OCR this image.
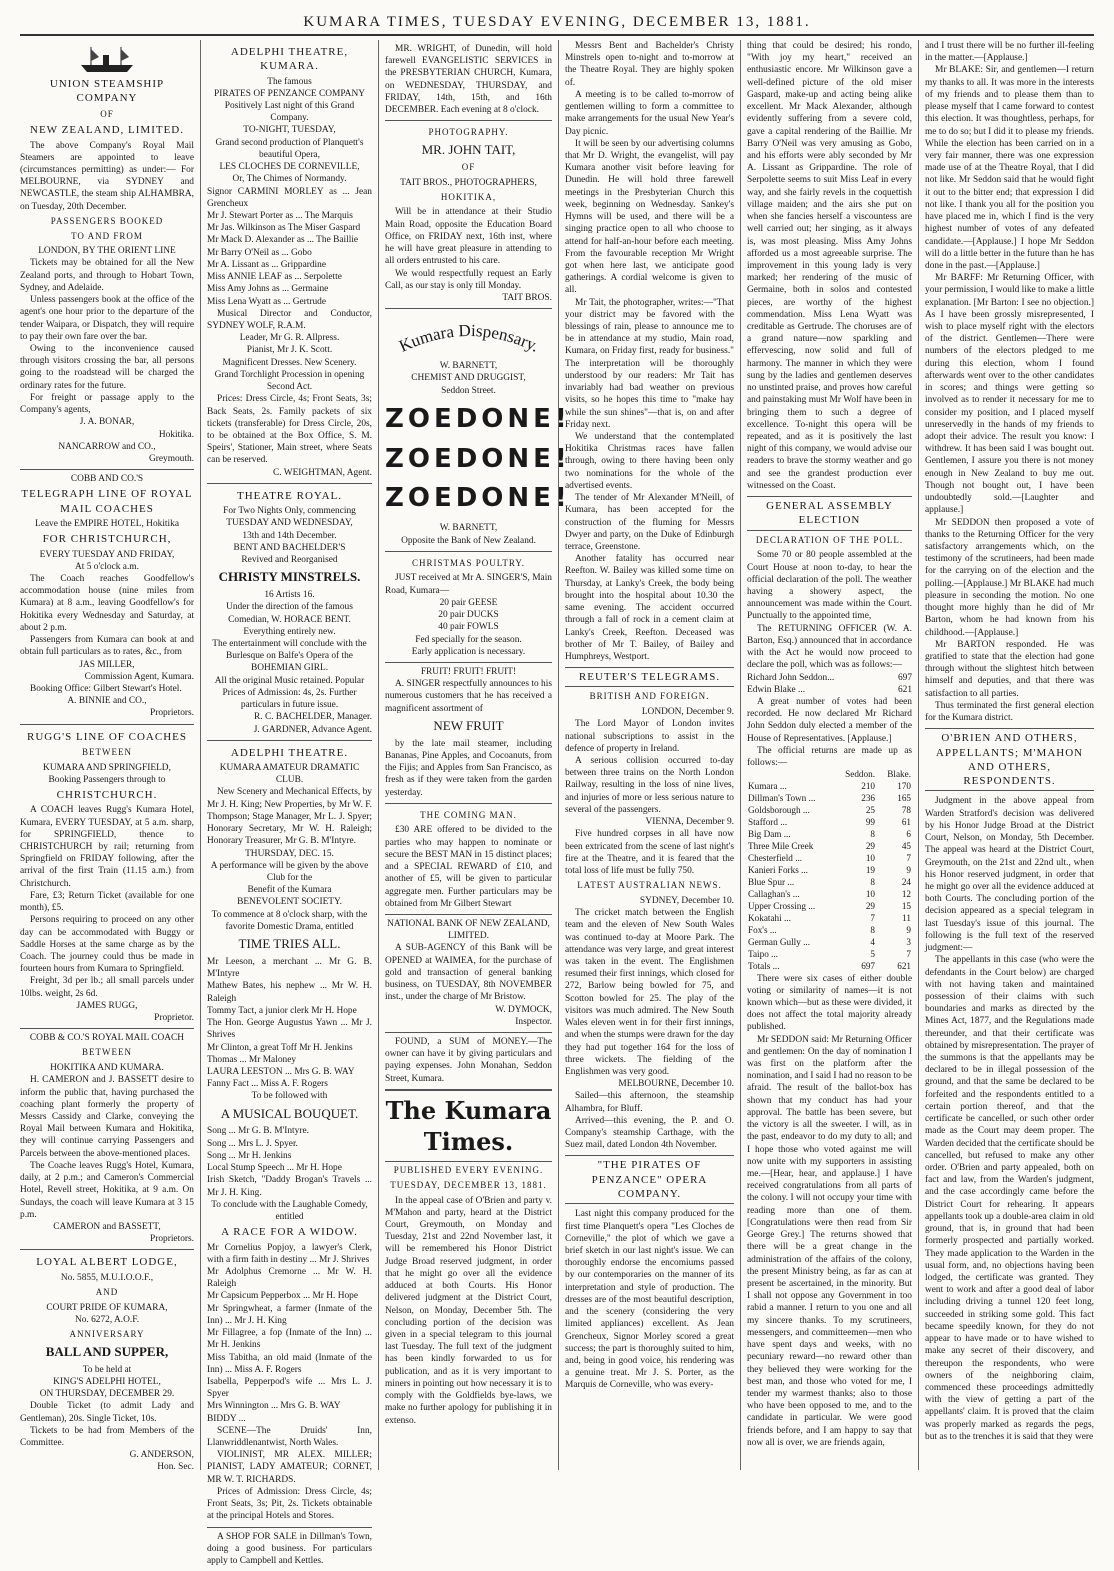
KUMARA TIMES, TUESDAY EVENING, DECEMBER 13, 1881.

UNION STEAMSHIP COMPANY

OF

NEW ZEALAND, LIMITED.

The above Company's Royal Mail Steamers are appointed to leave (circumstances permitting) as under:— For MELBOURNE, via SYDNEY and NEWCASTLE, the steam ship ALHAMBRA, on Tuesday, 20th December.

PASSENGERS BOOKED

TO AND FROM

LONDON, BY THE ORIENT LINE

Tickets may be obtained for all the New Zealand ports, and through to Hobart Town, Sydney, and Adelaide.

Unless passengers book at the office of the agent's one hour prior to the departure of the tender Waipara, or Dispatch, they will require to pay their own fare over the bar.

Owing to the inconvenience caused through visitors crossing the bar, all persons going to the roadstead will be charged the ordinary rates for the future.

For freight or passage apply to the Company's agents,

J. A. BONAR,

Hokitika.

NANCARROW and CO.,

Greymouth.

COBB AND CO.'S

TELEGRAPH LINE OF ROYAL MAIL COACHES

Leave the EMPIRE HOTEL, Hokitika

FOR CHRISTCHURCH,

EVERY TUESDAY AND FRIDAY,

At 5 o'clock a.m.

The Coach reaches Goodfellow's accommodation house (nine miles from Kumara) at 8 a.m., leaving Goodfellow's for Hokitika every Wednesday and Saturday, at about 2 p.m.

Passengers from Kumara can book at and obtain full particulars as to rates, &c., from

JAS MILLER,

Commission Agent, Kumara.

Booking Office: Gilbert Stewart's Hotel.

A. BINNIE and CO.,

Proprietors.

RUGG'S LINE OF COACHES

BETWEEN

KUMARA AND SPRINGFIELD,

Booking Passengers through to

CHRISTCHURCH.

A COACH leaves Rugg's Kumara Hotel, Kumara, EVERY TUESDAY, at 5 a.m. sharp, for SPRINGFIELD, thence to CHRISTCHURCH by rail; returning from Springfield on FRIDAY following, after the arrival of the first Train (11.15 a.m.) from Christchurch.

Fare, £3; Return Ticket (available for one month), £5.

Persons requiring to proceed on any other day can be accommodated with Buggy or Saddle Horses at the same charge as by the Coach. The journey could thus be made in fourteen hours from Kumara to Springfield.

Freight, 3d per lb.; all small parcels under 10lbs. weight, 2s 6d.

JAMES RUGG,

Proprietor.

COBB & CO.'S ROYAL MAIL COACH

BETWEEN

HOKITIKA AND KUMARA.

H. CAMERON and J. BASSETT desire to inform the public that, having purchased the coaching plant formerly the property of Messrs Cassidy and Clarke, conveying the Royal Mail between Kumara and Hokitika, they will continue carrying Passengers and Parcels between the above-mentioned places.

The Coache leaves Rugg's Hotel, Kumara, daily, at 2 p.m.; and Cameron's Commercial Hotel, Revell street, Hokitika, at 9 a.m. On Sundays, the coach will leave Kumara at 3 15 p.m.

CAMERON and BASSETT,

Proprietors.

LOYAL ALBERT LODGE,

No. 5855, M.U.I.O.O.F.,

AND

COURT PRIDE OF KUMARA,

No. 6272, A.O.F.

ANNIVERSARY

BALL AND SUPPER,

To be held at

KING'S ADELPHI HOTEL,

ON THURSDAY, DECEMBER 29.

Double Ticket (to admit Lady and Gentleman), 20s. Single Ticket, 10s.

Tickets to be had from Members of the Committee.

G. ANDERSON,

Hon. Sec.

ADELPHI THEATRE, KUMARA.

The famous

PIRATES OF PENZANCE COMPANY

Positively Last night of this Grand Company.

TO-NIGHT, TUESDAY,

Grand second production of Planquett's beautiful Opera,

LES CLOCHES DE CORNEVILLE,

Or, The Chimes of Normandy.

Signor CARMINI MORLEY as ... Jean Grencheux

Mr J. Stewart Porter as ... The Marquis

Mr Jas. Wilkinson as The Miser Gaspard

Mr Mack D. Alexander as ... The Baillie

Mr Barry O'Neil as ... Gobo

Mr A. Lissant as ... Grippardine

Miss ANNIE LEAF as ... Serpolette

Miss Amy Johns as ... Germaine

Miss Lena Wyatt as ... Gertrude

Musical Director and Conductor, SYDNEY WOLF, R.A.M.

Leader, Mr G. R. Allpress.

Pianist, Mr J. K. Scott.

Magnificent Dresses. New Scenery.

Grand Torchlight Procession in opening Second Act.

Prices: Dress Circle, 4s; Front Seats, 3s; Back Seats, 2s. Family packets of six tickets (transferable) for Dress Circle, 20s, to be obtained at the Box Office, S. M. Speirs', Stationer, Main street, where Seats can be reserved.

C. WEIGHTMAN, Agent.

THEATRE ROYAL.

For Two Nights Only, commencing

TUESDAY AND WEDNESDAY,

13th and 14th December.

BENT AND BACHELDER'S

Revived and Reorganised

CHRISTY MINSTRELS.

16 Artists 16.

Under the direction of the famous Comedian, W. HORACE BENT.

Everything entirely new.

The entertainment will conclude with the Burlesque on Balfe's Opera of the

BOHEMIAN GIRL.

All the original Music retained. Popular Prices of Admission: 4s, 2s. Further particulars in future issue.

R. C. BACHELDER, Manager.

J. GARDNER, Advance Agent.

ADELPHI THEATRE.

KUMARA AMATEUR DRAMATIC CLUB.

New Scenery and Mechanical Effects, by Mr J. H. King; New Properties, by Mr W. F. Thompson; Stage Manager, Mr L. J. Spyer; Honorary Secretary, Mr W. H. Raleigh; Honorary Treasurer, Mr G. B. M'Intyre.

THURSDAY, DEC. 15.

A performance will be given by the above Club for the

Benefit of the Kumara

BENEVOLENT SOCIETY.

To commence at 8 o'clock sharp, with the favorite Domestic Drama, entitled

TIME TRIES ALL.

Mr Leeson, a merchant ... Mr G. B. M'Intyre

Mathew Bates, his nephew ... Mr W. H. Raleigh

Tommy Tact, a junior clerk Mr H. Hope

The Hon. George Augustus Yawn ... Mr J. Shrives

Mr Clinton, a great Toff Mr H. Jenkins

Thomas ... Mr Maloney

LAURA LEESTON ... Mrs G. B. WAY

Fanny Fact ... Miss A. F. Rogers

To be followed with

A MUSICAL BOUQUET.

Song ... Mr G. B. M'Intyre.

Song ... Mrs L. J. Spyer.

Song ... Mr H. Jenkins

Local Stump Speech ... Mr H. Hope

Irish Sketch, "Daddy Brogan's Travels ... Mr J. H. King.

To conclude with the Laughable Comedy, entitled

A RACE FOR A WIDOW.

Mr Cornelius Popjoy, a lawyer's Clerk, with a firm faith in destiny ... Mr J. Shrives

Mr Adolphus Cremorne ... Mr W. H. Raleigh

Mr Capsicum Pepperbox ... Mr H. Hope

Mr Springwheat, a farmer (Inmate of the Inn) ... Mr J. H. King

Mr Fillagree, a fop (Inmate of the Inn) ... Mr H. Jenkins

Miss Tabitha, an old maid (Inmate of the Inn) ... Miss A. F. Rogers

Isabella, Pepperpod's wife ... Mrs L. J. Spyer

Mrs Winnington ... Mrs G. B. WAY

BIDDY ...

SCENE—The Druids' Inn, Llanwriddlenantwist, North Wales.

VIOLINIST, MR ALEX. MILLER; PIANIST, LADY AMATEUR; CORNET, MR W. T. RICHARDS.

Prices of Admission: Dress Circle, 4s; Front Seats, 3s; Pit, 2s. Tickets obtainable at the principal Hotels and Stores.

A SHOP FOR SALE in Dillman's Town, doing a good business. For particulars apply to Campbell and Kettles.

MR. WRIGHT, of Dunedin, will hold farewell EVANGELISTIC SERVICES in the PRESBYTERIAN CHURCH, Kumara, on WEDNESDAY, THURSDAY, and FRIDAY, 14th, 15th, and 16th DECEMBER. Each evening at 8 o'clock.

PHOTOGRAPHY.

MR. JOHN TAIT,

OF

TAIT BROS., PHOTOGRAPHERS,

HOKITIKA,

Will be in attendance at their Studio Main Road, opposite the Education Board Office, on FRIDAY next, 16th inst, where he will have great pleasure in attending to all orders entrusted to his care.

We would respectfully request an Early Call, as our stay is only till Monday.

TAIT BROS.

Kumara Dispensary.

W. BARNETT,

CHEMIST AND DRUGGIST,

Seddon Street.

ZOEDONE!

ZOEDONE!

ZOEDONE!

W. BARNETT,

Opposite the Bank of New Zealand.

CHRISTMAS POULTRY.

JUST received at Mr A. SINGER'S, Main Road, Kumara—

20 pair GEESE

20 pair DUCKS

40 pair FOWLS

Fed specially for the season.

Early application is necessary.

FRUIT! FRUIT! FRUIT!

A. SINGER respectfully announces to his numerous customers that he has received a magnificent assortment of

NEW FRUIT

by the late mail steamer, including Bananas, Pine Apples, and Cocoanuts, from the Fijis; and Apples from San Francisco, as fresh as if they were taken from the garden yesterday.

THE COMING MAN.

£30 ARE offered to be divided to the parties who may happen to nominate or secure the BEST MAN in 15 distinct places; and a SPECIAL REWARD of £10, and another of £5, will be given to particular aggregate men. Further particulars may be obtained from Mr Gilbert Stewart

NATIONAL BANK OF NEW ZEALAND, LIMITED.

A SUB-AGENCY of this Bank will be OPENED at WAIMEA, for the purchase of gold and transaction of general banking business, on TUESDAY, 8th NOVEMBER inst., under the charge of Mr Bristow.

W. DYMOCK,

Inspector.

FOUND, a SUM of MONEY.—The owner can have it by giving particulars and paying expenses. John Monahan, Seddon Street, Kumara.

The Kumara Times.

PUBLISHED EVERY EVENING.

TUESDAY, DECEMBER 13, 1881.

In the appeal case of O'Brien and party v. M'Mahon and party, heard at the District Court, Greymouth, on Monday and Tuesday, 21st and 22nd November last, it will be remembered his Honor District Judge Broad reserved judgment, in order that he might go over all the evidence adduced at both Courts. His Honor delivered judgment at the District Court, Nelson, on Monday, December 5th. The concluding portion of the decision was given in a special telegram to this journal last Tuesday. The full text of the judgment has been kindly forwarded to us for publication, and as it is very important to miners in pointing out how necessary it is to comply with the Goldfields bye-laws, we make no further apology for publishing it in extenso.

Messrs Bent and Bachelder's Christy Minstrels open to-night and to-morrow at the Theatre Royal. They are highly spoken of.

A meeting is to be called to-morrow of gentlemen willing to form a committee to make arrangements for the usual New Year's Day picnic.

It will be seen by our advertising columns that Mr D. Wright, the evangelist, will pay Kumara another visit before leaving for Dunedin. He will hold three farewell meetings in the Presbyterian Church this week, beginning on Wednesday. Sankey's Hymns will be used, and there will be a singing practice open to all who choose to attend for half-an-hour before each meeting. From the favourable reception Mr Wright got when here last, we anticipate good gatherings. A cordial welcome is given to all.

Mr Tait, the photographer, writes:—"That your district may be favored with the blessings of rain, please to announce me to be in attendance at my studio, Main road, Kumara, on Friday first, ready for business." The interpretation will be thoroughly understood by our readers: Mr Tait has invariably had bad weather on previous visits, so he hopes this time to "make hay while the sun shines"—that is, on and after Friday next.

We understand that the contemplated Hokitika Christmas races have fallen through, owing to there having been only two nominations for the whole of the advertised events.

The tender of Mr Alexander M'Neill, of Kumara, has been accepted for the construction of the fluming for Messrs Dwyer and party, on the Duke of Edinburgh terrace, Greenstone.

Another fatality has occurred near Reefton. W. Bailey was killed some time on Thursday, at Lanky's Creek, the body being brought into the hospital about 10.30 the same evening. The accident occurred through a fall of rock in a cement claim at Lanky's Creek, Reefton. Deceased was brother of Mr T. Bailey, of Bailey and Humphreys, Westport.

REUTER'S TELEGRAMS.

BRITISH AND FOREIGN.

LONDON, December 9.

The Lord Mayor of London invites national subscriptions to assist in the defence of property in Ireland.

A serious collision occurred to-day between three trains on the North London Railway, resulting in the loss of nine lives, and injuries of more or less serious nature to several of the passengers.

VIENNA, December 9.

Five hundred corpses in all have now been extricated from the scene of last night's fire at the Theatre, and it is feared that the total loss of life must be fully 750.

LATEST AUSTRALIAN NEWS.

SYDNEY, December 10.

The cricket match between the English team and the eleven of New South Wales was continued to-day at Moore Park. The attendance was very large, and great interest was taken in the event. The Englishmen resumed their first innings, which closed for 272, Barlow being bowled for 75, and Scotton bowled for 25. The play of the visitors was much admired. The New South Wales eleven went in for their first innings, and when the stumps were drawn for the day they had put together 164 for the loss of three wickets. The fielding of the Englishmen was very good.

MELBOURNE, December 10.

Sailed—this afternoon, the steamship Alhambra, for Bluff.

Arrived—this evening, the P. and O. Company's steamship Carthage, with the Suez mail, dated London 4th November.

"THE PIRATES OF PENZANCE" OPERA COMPANY.

Last night this company produced for the first time Planquett's opera "Les Cloches de Corneville," the plot of which we gave a brief sketch in our last night's issue. We can thoroughly endorse the encomiums passed by our contemporaries on the manner of its interpretation and style of production. The dresses are of the most beautiful description, and the scenery (considering the very limited appliances) excellent. As Jean Grencheux, Signor Morley scored a great success; the part is thoroughly suited to him, and, being in good voice, his rendering was a genuine treat. Mr J. S. Porter, as the Marquis de Corneville, who was every-

thing that could be desired; his rondo, "With joy my heart," received an enthusiastic encore. Mr Wilkinson gave a well-defined picture of the old miser Gaspard, make-up and acting being alike excellent. Mr Mack Alexander, although evidently suffering from a severe cold, gave a capital rendering of the Baillie. Mr Barry O'Neil was very amusing as Gobo, and his efforts were ably seconded by Mr A. Lissant as Grippardine. The role of Serpolette seems to suit Miss Leaf in every way, and she fairly revels in the coquettish village maiden; and the airs she put on when she fancies herself a viscountess are well carried out; her singing, as it always is, was most pleasing. Miss Amy Johns afforded us a most agreeable surprise. The improvement in this young lady is very marked; her rendering of the music of Germaine, both in solos and contested pieces, are worthy of the highest commendation. Miss Lena Wyatt was creditable as Gertrude. The choruses are of a grand nature—now sparkling and effervescing, now solid and full of harmony. The manner in which they were sung by the ladies and gentlemen deserves no unstinted praise, and proves how careful and painstaking must Mr Wolf have been in bringing them to such a degree of excellence. To-night this opera will be repeated, and as it is positively the last night of this company, we would advise our readers to brave the stormy weather and go and see the grandest production ever witnessed on the Coast.

GENERAL ASSEMBLY ELECTION

DECLARATION OF THE POLL.

Some 70 or 80 people assembled at the Court House at noon to-day, to hear the official declaration of the poll. The weather having a showery aspect, the announcement was made within the Court. Punctually to the appointed time,

The RETURNING OFFICER (W. A. Barton, Esq.) announced that in accordance with the Act he would now proceed to declare the poll, which was as follows:—

Richard John Seddon...	697
Edwin Blake ...	621

A great number of votes had been recorded. He now declared Mr Richard John Seddon duly elected a member of the House of Representatives. [Applause.]

The official returns are made up as follows:—

	Seddon.	Blake.
Kumara ...	210	170
Dillman's Town ...	236	165
Goldsborough ...	25	78
Stafford ...	99	61
Big Dam ...	8	6
Three Mile Creek	29	45
Chesterfield ...	10	7
Kanieri Forks ...	19	9
Blue Spur ...	8	24
Callaghan's ...	10	12
Upper Crossing ...	29	15
Kokatahi ...	7	11
Fox's ...	8	9
German Gully ...	4	3
Taipo ...	5	7
Totals ...	697	621

There were six cases of either double voting or similarity of names—it is not known which—but as these were divided, it does not affect the total majority already published.

Mr SEDDON said: Mr Returning Officer and gentlemen: On the day of nomination I was first on the platform after the nomination, and I said I had no reason to be afraid. The result of the ballot-box has shown that my conduct has had your approval. The battle has been severe, but the victory is all the sweeter. I will, as in the past, endeavor to do my duty to all; and I hope those who voted against me will now unite with my supporters in assisting me.—[Hear, hear, and applause.] I have received congratulations from all parts of the colony. I will not occupy your time with reading more than one of them. [Congratulations were then read from Sir George Grey.] The returns showed that there will be a great change in the administration of the affairs of the colony, the present Ministry being, as far as can at present be ascertained, in the minority. But I shall not oppose any Government in too rabid a manner. I return to you one and all my sincere thanks. To my scrutineers, messengers, and committeemen—men who have spent days and weeks, with no pecuniary reward—no reward other than they believed they were working for the best man, and those who voted for me, I tender my warmest thanks; also to those who have been opposed to me, and to the candidate in particular. We were good friends before, and I am happy to say that now all is over, we are friends again,

and I trust there will be no further ill-feeling in the matter.—[Applause.]

Mr BLAKE: Sir, and gentlemen—I return my thanks to all. It was more in the interests of my friends and to please them than to please myself that I came forward to contest this election. It was thoughtless, perhaps, for me to do so; but I did it to please my friends. While the election has been carried on in a very fair manner, there was one expression made use of at the Theatre Royal, that I did not like. Mr Seddon said that he would fight it out to the bitter end; that expression I did not like. I thank you all for the position you have placed me in, which I find is the very highest number of votes of any defeated candidate.—[Applause.] I hope Mr Seddon will do a little better in the future than he has done in the past.—[Applause.]

Mr BARFF: Mr Returning Officer, with your permission, I would like to make a little explanation. [Mr Barton: I see no objection.] As I have been grossly misrepresented, I wish to place myself right with the electors of the district. Gentlemen—There were numbers of the electors pledged to me during this election, whom I found afterwards went over to the other candidates in scores; and things were getting so involved as to render it necessary for me to consider my position, and I placed myself unreservedly in the hands of my friends to adopt their advice. The result you know: I withdrew. It has been said I was bought out. Gentlemen, I assure you there is not money enough in New Zealand to buy me out. Though not bought out, I have been undoubtedly sold.—[Laughter and applause.]

Mr SEDDON then proposed a vote of thanks to the Returning Officer for the very satisfactory arrangements which, on the testimony of the scrutineers, had been made for the carrying on of the election and the polling.—[Applause.] Mr BLAKE had much pleasure in seconding the motion. No one thought more highly than he did of Mr Barton, whom he had known from his childhood.—[Applause.]

Mr BARTON responded. He was gratified to state that the election had gone through without the slightest hitch between himself and deputies, and that there was satisfaction to all parties.

Thus terminated the first general election for the Kumara district.

O'BRIEN AND OTHERS, APPELLANTS; M'MAHON AND OTHERS, RESPONDENTS.

Judgment in the above appeal from Warden Stratford's decision was delivered by his Honor Judge Broad at the District Court, Nelson, on Monday, 5th December. The appeal was heard at the District Court, Greymouth, on the 21st and 22nd ult., when his Honor reserved judgment, in order that he might go over all the evidence adduced at both Courts. The concluding portion of the decision appeared as a special telegram in last Tuesday's issue of this journal. The following is the full text of the reserved judgment:—

The appellants in this case (who were the defendants in the Court below) are charged with not having taken and maintained possession of their claims with such boundaries and marks as directed by the Mines Act, 1877, and the Regulations made thereunder, and that their certificate was obtained by misrepresentation. The prayer of the summons is that the appellants may be declared to be in illegal possession of the ground, and that the same be declared to be forfeited and the respondents entitled to a certain portion thereof, and that the certificate be cancelled, or such other order made as the Court may deem proper. The Warden decided that the certificate should be cancelled, but refused to make any other order. O'Brien and party appealed, both on fact and law, from the Warden's judgment, and the case accordingly came before the District Court for rehearing. It appears appellants took up a double-area claim in old ground, that is, in ground that had been formerly prospected and partially worked. They made application to the Warden in the usual form, and, no objections having been lodged, the certificate was granted. They went to work and after a good deal of labor including driving a tunnel 120 feet long, succeeded in striking some gold. This fact became speedily known, for they do not appear to have made or to have wished to make any secret of their discovery, and thereupon the respondents, who were owners of the neighboring claim, commenced these proceedings admittedly with the view of getting a part of the appellants' claim. It is proved that the claim was properly marked as regards the pegs, but as to the trenches it is said that they were
